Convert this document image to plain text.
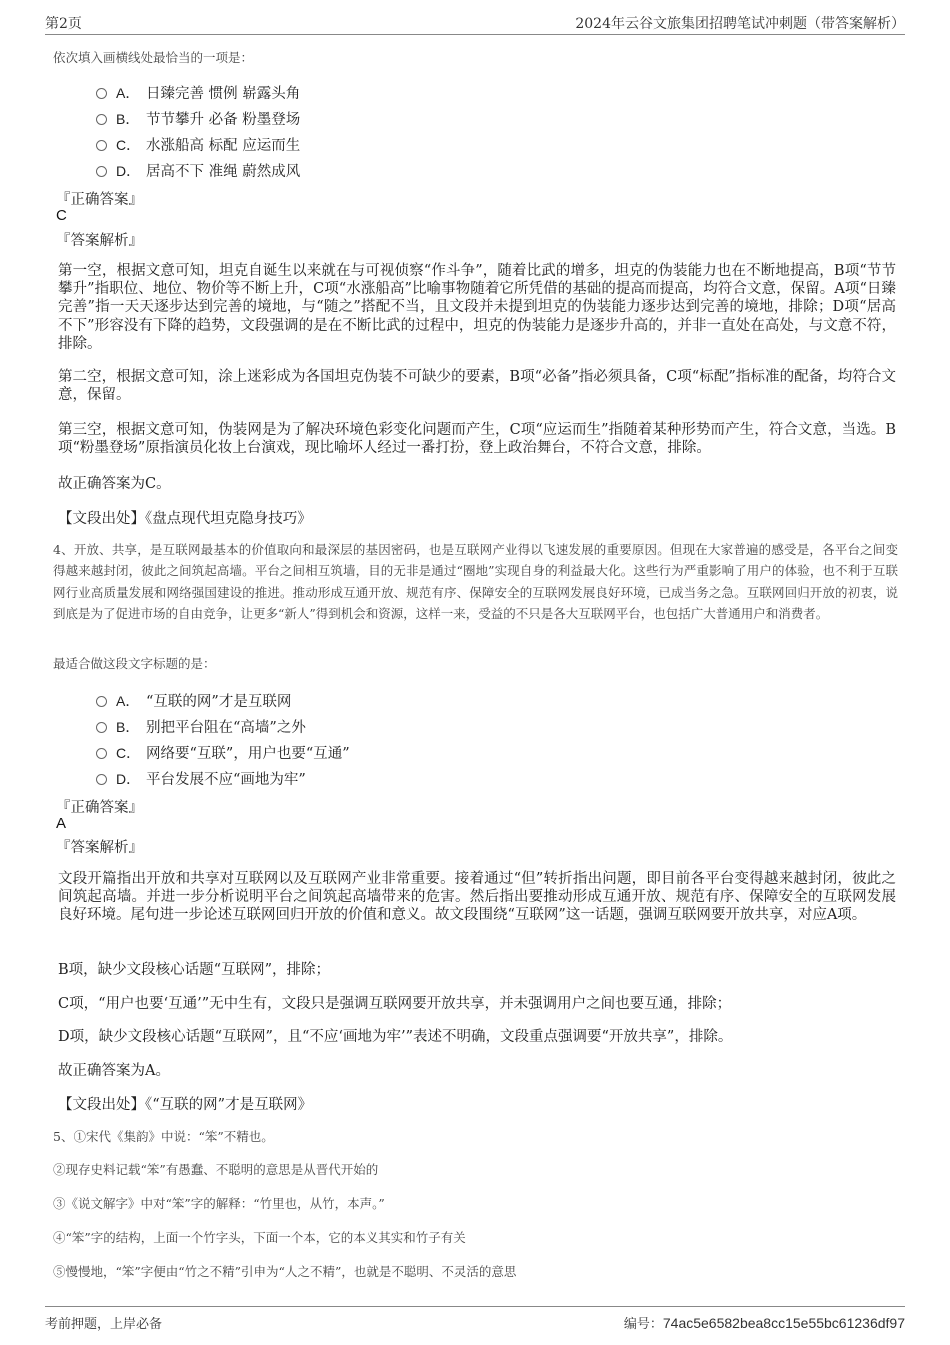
第2页	2024年云谷文旅集团招聘笔试冲刺题（带答案解析）
依次填入画横线处最恰当的一项是：
A． 日臻完善 惯例 崭露头角
B． 节节攀升 必备 粉墨登场
C． 水涨船高 标配 应运而生
D． 居高不下 准绳 蔚然成风
『正确答案』
C
『答案解析』
第一空，根据文意可知，坦克自诞生以来就在与可视侦察“作斗争”，随着比武的增多，坦克的伪装能力也在不断地提高，B项“节节攀升”指职位、地位、物价等不断上升，C项“水涨船高”比喻事物随着它所凭借的基础的提高而提高，均符合文意，保留。A项“日臻完善”指一天天逐步达到完善的境地，与“随之”搭配不当，且文段并未提到坦克的伪装能力逐步达到完善的境地，排除；D项“居高不下”形容没有下降的趋势，文段强调的是在不断比武的过程中，坦克的伪装能力是逐步升高的，并非一直处在高处，与文意不符，排除。
第二空，根据文意可知，涂上迷彩成为各国坦克伪装不可缺少的要素，B项“必备”指必须具备，C项“标配”指标准的配备，均符合文意，保留。
第三空，根据文意可知，伪装网是为了解决环境色彩变化问题而产生，C项“应运而生”指随着某种形势而产生，符合文意，当选。B项“粉墨登场”原指演员化妆上台演戏，现比喻坏人经过一番打扮，登上政治舞台，不符合文意，排除。
故正确答案为C。
【文段出处】《盘点现代坦克隐身技巧》
4、开放、共享，是互联网最基本的价值取向和最深层的基因密码，也是互联网产业得以飞速发展的重要原因。但现在大家普遍的感受是，各平台之间变得越来越封闭，彼此之间筑起高墙。平台之间相互筑墙，目的无非是通过“圈地”实现自身的利益最大化。这些行为严重影响了用户的体验，也不利于互联网行业高质量发展和网络强国建设的推进。推动形成互通开放、规范有序、保障安全的互联网发展良好环境，已成当务之急。互联网回归开放的初衷，说到底是为了促进市场的自由竞争，让更多“新人”得到机会和资源，这样一来，受益的不只是各大互联网平台，也包括广大普通用户和消费者。
最适合做这段文字标题的是：
A． “互联的网”才是互联网
B． 别把平台阻在“高墙”之外
C． 网络要“互联”，用户也要“互通”
D． 平台发展不应“画地为牢”
『正确答案』
A
『答案解析』
文段开篇指出开放和共享对互联网以及互联网产业非常重要。接着通过“但”转折指出问题，即目前各平台变得越来越封闭，彼此之间筑起高墙。并进一步分析说明平台之间筑起高墙带来的危害。然后指出要推动形成互通开放、规范有序、保障安全的互联网发展良好环境。尾句进一步论述互联网回归开放的价值和意义。故文段围绕“互联网”这一话题，强调互联网要开放共享，对应A项。
B项，缺少文段核心话题“互联网”，排除；
C项，“用户也要‘互通’”无中生有，文段只是强调互联网要开放共享，并未强调用户之间也要互通，排除；
D项，缺少文段核心话题“互联网”，且“不应‘画地为牢’”表述不明确，文段重点强调要“开放共享”，排除。
故正确答案为A。
【文段出处】《“互联的网”才是互联网》
5、①宋代《集韵》中说：“笨”不精也。
②现存史料记载“笨”有愚蠢、不聪明的意思是从晋代开始的
③《说文解字》中对“笨”字的解释：“竹里也，从竹，本声。”
④“笨”字的结构，上面一个竹字头，下面一个本，它的本义其实和竹子有关
⑤慢慢地，“笨”字便由“竹之不精”引申为“人之不精”，也就是不聪明、不灵活的意思
考前押题，上岸必备	编号：74ac5e6582bea8cc15e55bc61236df97
